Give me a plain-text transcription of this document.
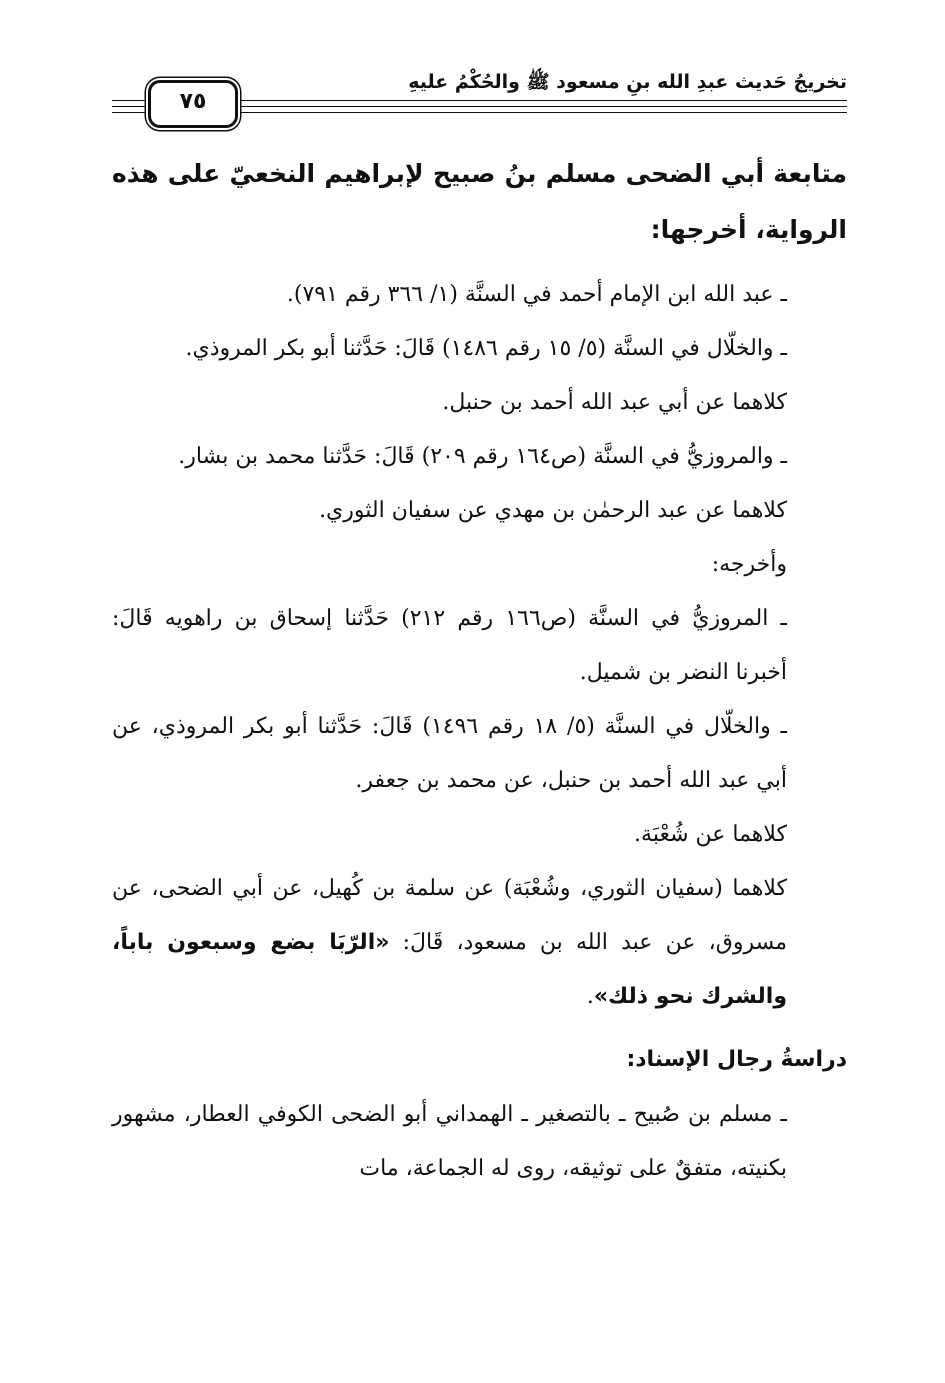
تخريجُ حَديث عبدِ الله بنِ مسعود ﷺ والحُكْمُ عليهِ
٧٥

متابعة أبي الضحى مسلم بنُ صبيح لإبراهيم النخعيّ على هذه الرواية، أخرجها:

ـ عبد الله ابن الإمام أحمد في السنَّة (١/ ٣٦٦ رقم ٧٩١).

ـ والخلّال في السنَّة (٥/ ١٥ رقم ١٤٨٦) قَالَ: حَدَّثنا أبو بكر المروذي.

كلاهما عن أبي عبد الله أحمد بن حنبل.

ـ والمروزيُّ في السنَّة (ص١٦٤ رقم ٢٠٩) قَالَ: حَدَّثنا محمد بن بشار.

كلاهما عن عبد الرحمٰن بن مهدي عن سفيان الثوري.

وأخرجه:

ـ المروزيُّ في السنَّة (ص١٦٦ رقم ٢١٢) حَدَّثنا إسحاق بن راهويه قَالَ: أخبرنا النضر بن شميل.

ـ والخلّال في السنَّة (٥/ ١٨ رقم ١٤٩٦) قَالَ: حَدَّثنا أبو بكر المروذي، عن أبي عبد الله أحمد بن حنبل، عن محمد بن جعفر.

كلاهما عن شُعْبَة.

كلاهما (سفيان الثوري، وشُعْبَة) عن سلمة بن كُهيل، عن أبي الضحى، عن مسروق، عن عبد الله بن مسعود، قَالَ: «الرّبَا بضع وسبعون باباً، والشرك نحو ذلك».

دراسةُ رجال الإسناد:

ـ مسلم بن صُبيح ـ بالتصغير ـ الهمداني أبو الضحى الكوفي العطار، مشهور بكنيته، متفقٌ على توثيقه، روى له الجماعة، مات
